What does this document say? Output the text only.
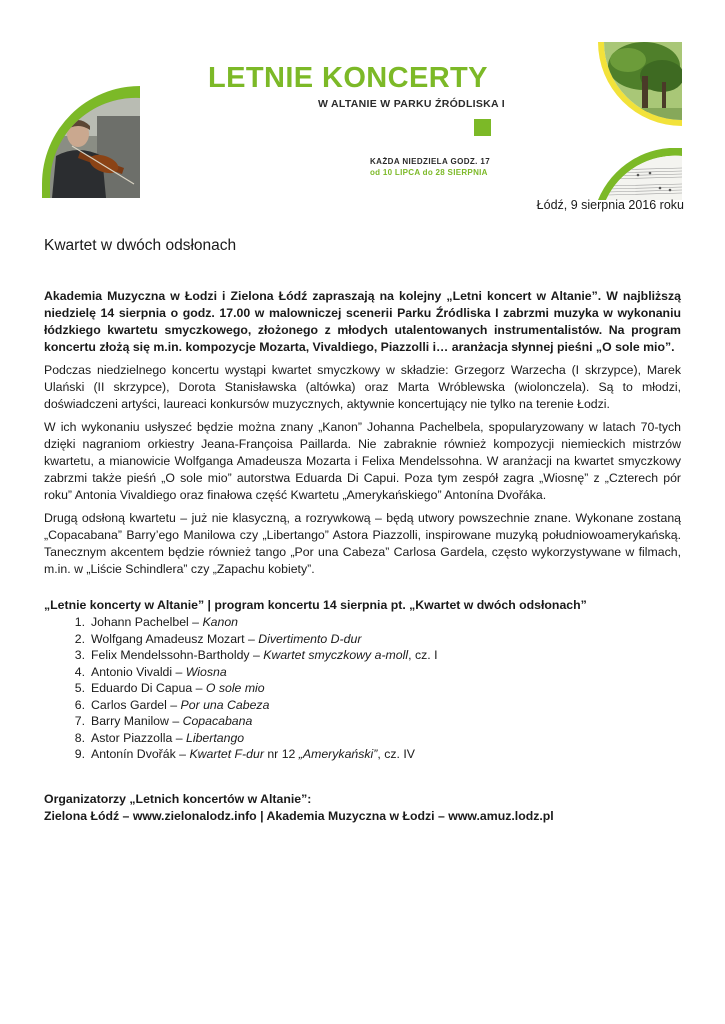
LETNIE KONCERTY
W ALTANIE W PARKU ŹRÓDLISKA I
KAŻDA NIEDZIELA GODZ. 17
od 10 LIPCA do 28 SIERPNIA
Łódź, 9 sierpnia 2016 roku
Kwartet w dwóch odsłonach
Akademia Muzyczna w Łodzi i Zielona Łódź zapraszają na kolejny „Letni koncert w Altanie”. W najbliższą niedzielę 14 sierpnia o godz. 17.00 w malowniczej scenerii Parku Źródliska I zabrzmi muzyka w wykonaniu łódzkiego kwartetu smyczkowego, złożonego z młodych utalentowanych instrumentalistów. Na program koncertu złożą się m.in. kompozycje Mozarta, Vivaldiego, Piazzolli i… aranżacja słynnej pieśni „O sole mio”.
Podczas niedzielnego koncertu wystąpi kwartet smyczkowy w składzie: Grzegorz Warzecha (I skrzypce), Marek Ulański (II skrzypce), Dorota Stanisławska (altówka) oraz Marta Wróblewska (wiolonczela). Są to młodzi, doświadczeni artyści, laureaci konkursów muzycznych, aktywnie koncertujący nie tylko na terenie Łodzi.
W ich wykonaniu usłyszeć będzie można znany „Kanon” Johanna Pachelbela, spopularyzowany w latach 70-tych dzięki nagraniom orkiestry Jeana-Françoisa Paillarda. Nie zabraknie również kompozycji niemieckich mistrzów kwartetu, a mianowicie Wolfganga Amadeusza Mozarta i Felixa Mendelssohna. W aranżacji na kwartet smyczkowy zabrzmi także pieśń „O sole mio” autorstwa Eduarda Di Capui. Poza tym zespół zagra „Wiosnę” z „Czterech pór roku” Antonia Vivaldiego oraz finałowa część Kwartetu „Amerykańskiego” Antonína Dvořáka.
Drugą odsłoną kwartetu – już nie klasyczną, a rozrywkową – będą utwory powszechnie znane. Wykonane zostaną „Copacabana” Barry’ego Manilowa czy „Libertango” Astora Piazzolli, inspirowane muzyką południowoamerykańską. Tanecznym akcentem będzie również tango „Por una Cabeza” Carlosa Gardela, często wykorzystywane w filmach, m.in. w „Liście Schindlera” czy „Zapachu kobiety”.
„Letnie koncerty w Altanie” | program koncertu 14 sierpnia pt. „Kwartet w dwóch odsłonach”
1. Johann Pachelbel – Kanon
2. Wolfgang Amadeusz Mozart – Divertimento D-dur
3. Felix Mendelssohn-Bartholdy – Kwartet smyczkowy a-moll, cz. I
4. Antonio Vivaldi – Wiosna
5. Eduardo Di Capua – O sole mio
6. Carlos Gardel – Por una Cabeza
7. Barry Manilow – Copacabana
8. Astor Piazzolla – Libertango
9. Antonín Dvořák – Kwartet F-dur nr 12 „Amerykański”, cz. IV
Organizatorzy „Letnich koncertów w Altanie”:
Zielona Łódź – www.zielonalodz.info | Akademia Muzyczna w Łodzi – www.amuz.lodz.pl
